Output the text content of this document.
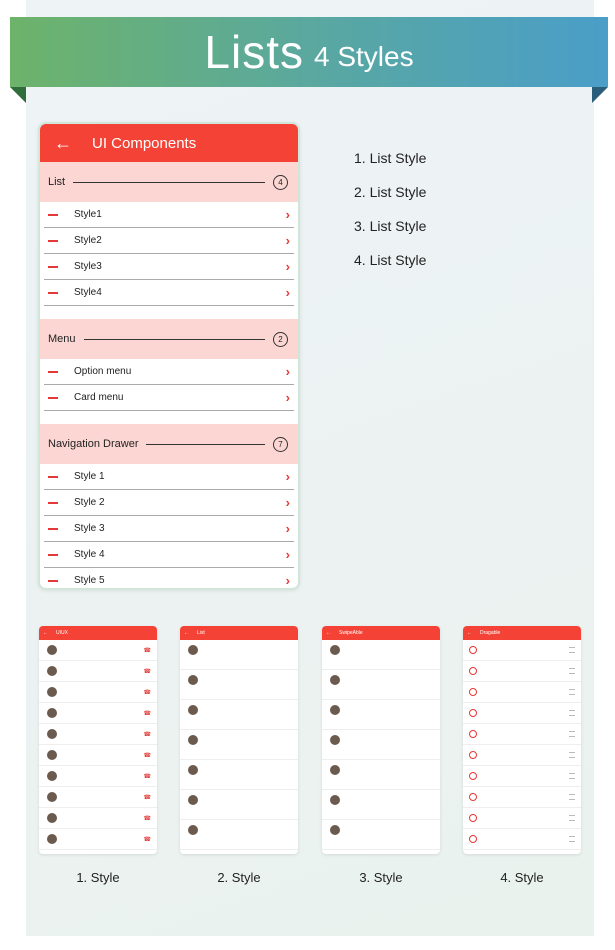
Lists 4 Styles
←	UI Components
List	4
Style1	›
Style2	›
Style3	›
Style4	›
Menu	2
Option menu	›
Card menu	›
Navigation Drawer	7
Style 1	›
Style 2	›
Style 3	›
Style 4	›
Style 5	›
1. List Style
2. List Style
3. List Style
4. List Style
← UIUX
☎
☎
☎
☎
☎
☎
☎
☎
☎
☎
1. Style
← List
2. Style
← SwipeAble
3. Style
← Dragable
4. Style
